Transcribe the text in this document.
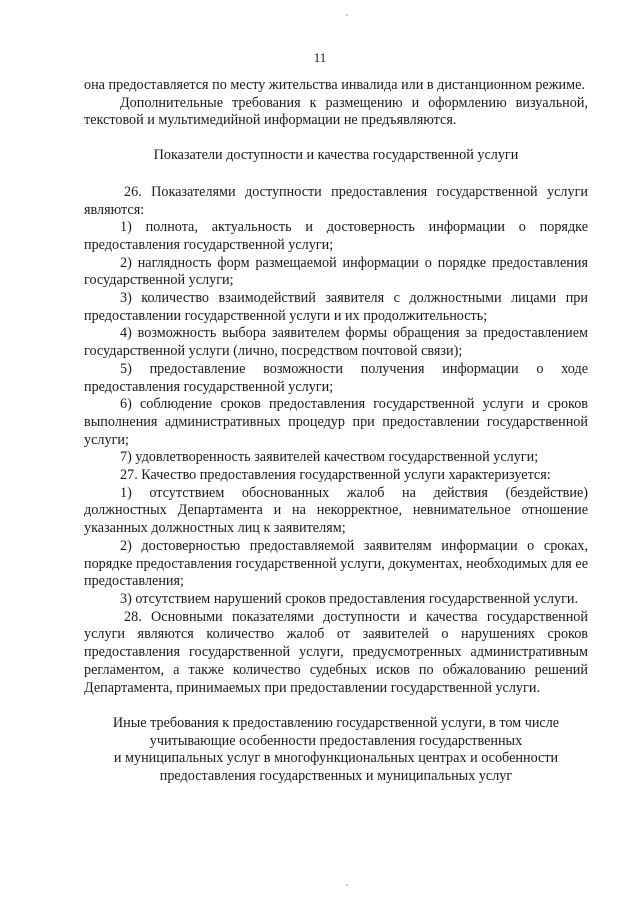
11

она предоставляется по месту жительства инвалида или в дистанционном режиме.

Дополнительные требования к размещению и оформлению визуальной, текстовой и мультимедийной информации не предъявляются.

Показатели доступности и качества государственной услуги

26. Показателями доступности предоставления государственной услуги являются:

1) полнота, актуальность и достоверность информации о порядке предоставления государственной услуги;

2) наглядность форм размещаемой информации о порядке предоставления государственной услуги;

3) количество взаимодействий заявителя с должностными лицами при предоставлении государственной услуги и их продолжительность;

4) возможность выбора заявителем формы обращения за предоставлением государственной услуги (лично, посредством почтовой связи);

5) предоставление возможности получения информации о ходе предоставления государственной услуги;

6) соблюдение сроков предоставления государственной услуги и сроков выполнения административных процедур при предоставлении государственной услуги;

7) удовлетворенность заявителей качеством государственной услуги;

27. Качество предоставления государственной услуги характеризуется:

1) отсутствием обоснованных жалоб на действия (бездействие) должностных Департамента и на некорректное, невнимательное отношение указанных должностных лиц к заявителям;

2) достоверностью предоставляемой заявителям информации о сроках, порядке предоставления государственной услуги, документах, необходимых для ее предоставления;

3) отсутствием нарушений сроков предоставления государственной услуги.

28. Основными показателями доступности и качества государственной услуги являются количество жалоб от заявителей о нарушениях сроков предоставления государственной услуги, предусмотренных административным регламентом, а также количество судебных исков по обжалованию решений Департамента, принимаемых при предоставлении государственной услуги.

Иные требования к предоставлению государственной услуги, в том числе

учитывающие особенности предоставления государственных

и муниципальных услуг в многофункциональных центрах и особенности

предоставления государственных и муниципальных услуг
